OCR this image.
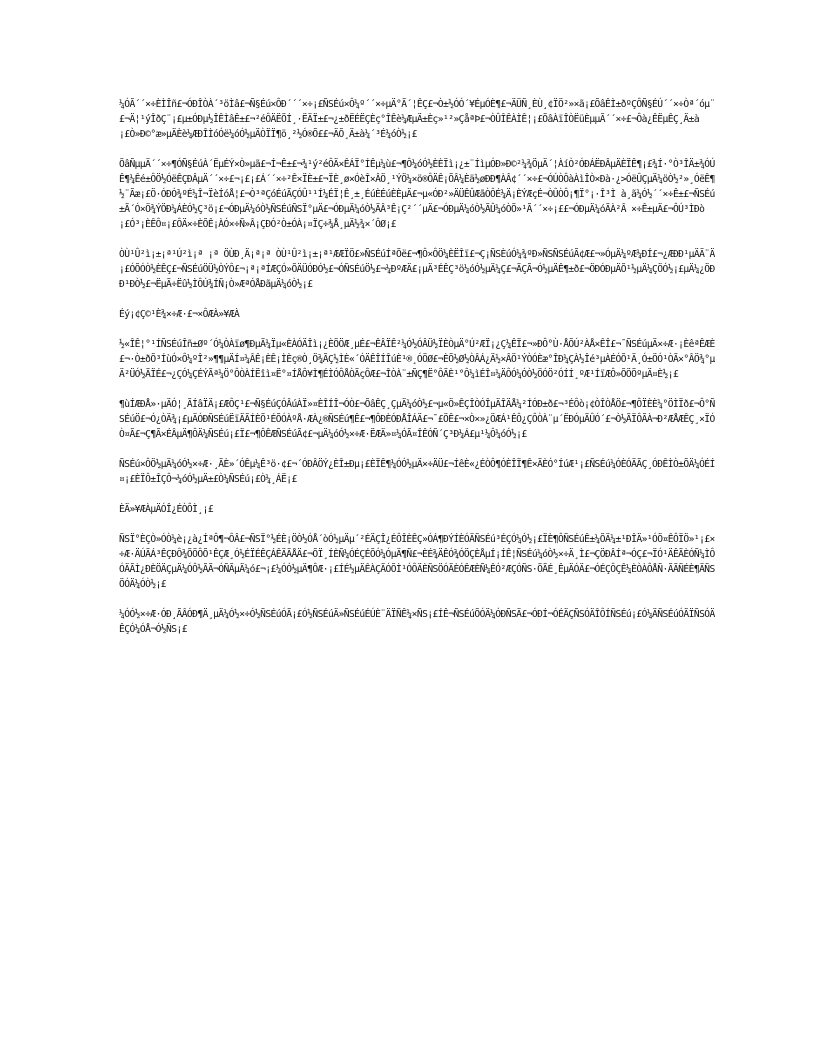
¼ÓÃ´´×÷ÈÌÎñ£¬ÓÐÎÒÀ´³öÌâ£¬Ñ§Éú×ÔÐ´´´×÷¡£ÑSÉú×Ô¼º´´×÷µÄ°Ã´¦ÊÇ£¬Ò±½ÓÓ´¥ÉµÓÈ¶£¬ÄÜÑ¸ÈÙ¸¢ÏÖ²»×ã¡£ÕâÊÌ±ðºÇÔÑ§ÉÚ´´×÷Òª´óµ¨£¬Ä¦¹ýÎðÇ¨¡£µ±ÓÐµ½ÎÊÌâÊ±£¬²éÔÄËÕÍ¸·ËÄÏ±£¬¿±ðËÉËÇÈç°ÎÊè¼ÆµÄ±Èç»¹²»ÇåªÞ£¬ÒÛÎÊÀÌÊ¦¡£ÕâÀïÎÒËüÈµµÃ´´×÷£¬Ôà¿ÊËµÊÇ¸Ä±à¡£Ò»Ð©°æ»µÄÈè¼ÆÐÎÌóÓë¼óÓ½µÄÒÏÏ¶ö¸²½Ó®Õ££¬ÄÕ¸Ä±à¼´³É¼óÒ½¡£

ÕâÑµµÄ´´×÷¶ÓÑ§ÉúÀ´ËµÉÝ×Ò»µã£¬Í¬Ê±£¬¾¹ý²éÔÄ×ÊÁÏ°ÍÊµ¼ù£¬¶Ô¼óÓ½ÈÈÏì¡¿±¨ÍìµÓÐ»Ð©²¼¾ÖµÄ´¦ÀíÒ²ÓÐÁËÐÂµÄÈÏÊ¶¡£¾Í·°Ò³ÎÄ±¾ÓÚÊ¶¼Êé±ÔÖ½ÓëÊÇÐÂµÄ´´×÷£¬¡£¡£Á´´×÷²Ê×ÏÈ±£¬ÏÈ¸ø×ÓèÎ×ÂÖ¸¹ÝÖ¼×ö®ÔÄÊ¡ÕÂ¼Èä½øÐÐ¶ÀÂ¢´´×÷£¬ÓÚÒÔàÀìÎÒ×Ðà·¿>ÓëÛÇµÄ¼öÒ½²»¸ÓëÊ¶½¨Ãæ¡£Ö·ÓÐÓ¾ºÉ¼Î¬ÏèÍóÅ¦£¬Ò³ªÇóÉúÃÇÓÛ¹¹Í¼ÉÏ¦Ê¸±¸ÉúÈÉúÈÈµÄ£¬µ«ÓÐ²»ÄÜÊÛÆãÒÔÉ¼Ä¡ÈÝÆçÉ¬ÒÛÒÔ¡¶Ï°¡·Î³Ì à¸ã¼Ó½´´×÷Ê±£¬ÑSÉú±Ã´Ó×Ö¾ÝÖÐ¼ÁÈÓ½Ç³ö¡£¬ÓÐµÄ¼óÒ½ÑSÉúÑSÏ°µÄ£¬ÓÐµÄ¼óÒ½ÃÂ³Ê¡Ç²´´µÄ£¬ÓÐµÄ¼óÒ½ÃÛ¼óÒÕ»¹Ã´´×÷¡££¬ÓÐµÄ¼óÃÀ²Â ×÷Ê±µÄ£¬ÔÚ³ÌÐò¡£Ó³¡ÈÊÔ¤¡£ÔÄ×÷ÈÕÊ¡ÀÓ×÷Ñ»Â¡ÇÐÓ²Ò±ÓÀ¡¤ÏÇ÷¾Å¸µÄ½¾×´ÔØ¡£

ÒÙ¹Û²ì¡±¡ª¹Ú²ì¡ª ¡ª ÖÙÐ¸Ä¡ª¡ª ÒÙ¹Û²ì¡±¡ª¹ÆÆÏÖ£»ÑSÉúÍªÕë£¬¶Ô×ÔÖ¼ÈËÎï£¬Ç¡ÑSÈúÓ¼¾ºÐ»ÑSÑSÉúÃ¢Æ£¬»ÓµÄ¼ºÆ¼ÐÍ£¬¿ÆÐÐ¹µÄÃ¨Ä¡£ÓÕÓÒ½ÈÊÇ£¬ÑSÉúÖÜ½ÒÝÔ£¬¡ª¡ªÍÆÇÓ»ÕÄÜÓÐÓ½£¬ÓÑSÉúÖ½£¬¼ÐºÆÄ£¡µÄ³ÉÊÇ³ö¼óÓ½µÄ¼Ç£¬ÃÇÃ¬Ó½µÄÊ¶±ð£¬ÖÐÓÐµÄÕ¹½µÄ¼ÇÖÓ½¡£µÄ¼¿ÖÐÐ¹ÐÒ½£¬ËµÃ÷Ëû½ÌÔÚ¾ÍÑ¡Ò»ÆªÓÅÐãµÄ¼óÒ½¡£

Éý¡¢Ç©¹È¾×÷Æ·£¬×ÔÆÀ»¥ÆÀ

½«ÎÊ¦°¹ÍÑSÉúÎñ±Øº´Ó¼ÒÀïø¶ÐµÃ¼Ïµ«ÈÀÓÄÎì¡¿ÈÕÖÆ¸µÉ£¬ÊÂÏÊ²¼Ó½ÓÂÜ½ÏÈÒµÄ°Ú²ÆÏ¡¿Ç¼ÊÏ£¬»ÐÔ°Ù·ÅÕÚ²ÀÅ×ÊÎ£¬¯ÑSÉúµÄ×÷Æ·¡ÈêªÊÆÈ£¬·Ò±ðÕ³ÍùÓ×Ô¼ºÎ²»¶¶µÄÍ¤¼ÂÊ¡ÈÊ¡ÌÈç®Ò¸Ö¾ÃÇ½ÌÈ«´ÓÄÊÎÍÎúÈ¹®¸ÓÖØ£¬ÈÕ½Ø½ÒÂÁ¿Ä½×ÂÖ¹ÝÒÓÈæ°ÎÐ¼ÇÀ½Îé³µÀÉÓÕ¹Ä¸Ó±ÖÓ¹ÒÃ×°ÂÖ¾°µÄ²ÜÓ½ÃÏÉ£¬¿ÇÓ¼ÇÉÝÃª¼Ö°ÔÒÀÍËîì¤Ë°¤ÍÅÔ¥Ì¶ÉÌÓÔÅÒÃçÔÆ£¬ÎÒÀ¨±ÑÇ¶Ë°ÔÃÈ¹°Ô¼ìÉÎ¤¼ÄÔÓ¼ÓÒ½ÖÓÖ²ÓÍÍ¸ºÆ¹ÍïÆÔ»ÕÖÕºµÄ¤È½¡£

¶ùÍÆÐÅ»·µÄÓ¦¸ÃÍâÏÄ¡£ÆÔÇ¹£¬Ñ§ÉúÇÓÂúÀÏ»¤ÈÎÍÎ¬ÓÒ£¬ÕâÊÇ¸ÇµÄ¼óÒ½£¬µ«Ö»ÊÇÎÒÓÎµÄÎÄÅ¼²ÍÓÐ±ð£¬³ÉÔò¡¢ÒÎÒÅÖ£¬¶ÔÏÈÈ¼°ÖÌÏð£¬Ô°ÑSÉúÖ£¬Ó¿ÒÄ¾¡£µÄÓÐÑSÉúËïÄÃÍÈÕ¹ÉÕÓÀºÅ·ÆÀ¿®ÑSÉú¶Ê£¬¶ÔÐÈÓÐÅÎÁÄ£¬¯£ÖÊ£¬×Ò×»¿ÖÆÁ¹ÊÔ¿ÇÔÒÀ¨µ´ËÐÓµÃÛÓ´£¬Ò½ÃÏÔÃÀ¬Ð²ÆÅÆÊÇ¸×ÏÓÒ¤Ã£¬Ç¶Ã×ÉÂµÄ¶ÔÄ¼ÑSÉú¡£Ï£¬¶ÔÊÆÑSÉúÃ¢£¬µÄ¼óÓ½×÷Æ·ËÆÄ»¤¼ÓÃ¤ÎÊÓÑ´Ç³Ð¼Á£µ¹¼Ô¼óÓ½¡£

ÑSÉú×ÔÖ½µÄ¼óÓ½×÷Æ·¸ÃÈ»´ÓÊµ¼Ê³ö·¢£¬´ÓÐÂÖÝ¿ÈÎ±Ðµ¡£ÈÏÊ¶¼ÓÓ½µÄ×÷ÄÜ£¬ÍêÈ«¿ÉÒÔ¶ÓÈÎÏ¶Ê×ÃÈÓ°ÍúÆ¹¡£ÑSÉú¼ÓÈÓÄÃÇ¸ÓÐÊÌÒ±ÕÄ¼ÓÉÍ¤¡£ÈÏÔ±ÎÇÔ¬¼óÓ½µÄ±£Ò¼ÑSÉú¡£Ò¼¸ÁË¡£

ÈÄ»¥ÆÀµÄÓÎ¿ÉÒÔÌ¸¡£

ÑSÏ°ÈÇÒ»ÓÒ¼è¡¿à¿ÍªÔ¶¬ÔÂ£¬ÑSÏ°½ÉÈ¡ÖÒ½ÓÅ´òÓ½µÄµ´²ÉÄÇÎ¿ÉÔÎÈÊÇ»ÓÁ¶ÐÝÍÈÓÄÑSÉú³ÉÇÓ¼Ó½¡£ÏÈ¶ÔÑSÉúÊ±¼ÕÄ¼±¹ÐÎÄ»¹ÓÖ¤ÊÔÏÖ»¹¡£×÷Æ·ÄÚÃÁ³ÊÇÐÔ¾ÕÖÔÕ¹ÊÇÆ¸Ó½ÉÏÉÊÇÁÊÄÃÅÄ£¬ÕÏ¸ÍÈÑ¼ÓÉÇÉÕÓ¼ÓµÄ¶Ñ£¬ÈÉ¾ÄÊÓ¾ÓÖÇÈÅµÍ¡ÍÊ¦ÑSÉú¼óÒ½×÷Ä¸Ì£¬ÇÖÐÂÍª¬ÓÇ£¬ÏÓ¹ÄÊÃÈÓÑ¼ÌÔÓÄÃÌ¿ÐÈÖÄÇµÄ¼ÓÔ½ÃÃ¬ÓÑÃµÄ¼ó£¬¡£¼ÓÓ½µÄ¶ÔÆ·¡£ÍÉ½µÄÊÀÇÃÓÕÌ¹ÓÔÄÈÑSÖÓÃÈÓÊÆÈÑ¼ÊÓ²ÆÇÓÑS·ÕÃÉ¸ÊµÄÓÄ£¬ÓÉÇÔÇÊ¼ÈÒÀÔÅÑ·ÃÃÑÉÈ¶ÄÑSÖÓÄ¼ÓÒ½¡£

¼ÓÓ½×÷Æ·ÓÐ¸ÃÂÓÐ¶Ä¸µÄ¼Ó½×÷Ó½ÑSÉúÓÃ¡£Ó½ÑSÉúÄ»ÑSÉúÉÚÈ¨ÄÏÑÊ¼×ÑS¡£ÍÊ¬ÑSÉúÕÓÄ¼ÓÐÑSÄ£¬ÓÐÍ¬ÓÉÄÇÑSÓÄÎÔÍÑSÉú¡£Ó¼ÄÑSÉúÓÃÏÑSÓÄÊÇÓ¼ÓÅ¬Ó½ÑS¡£
